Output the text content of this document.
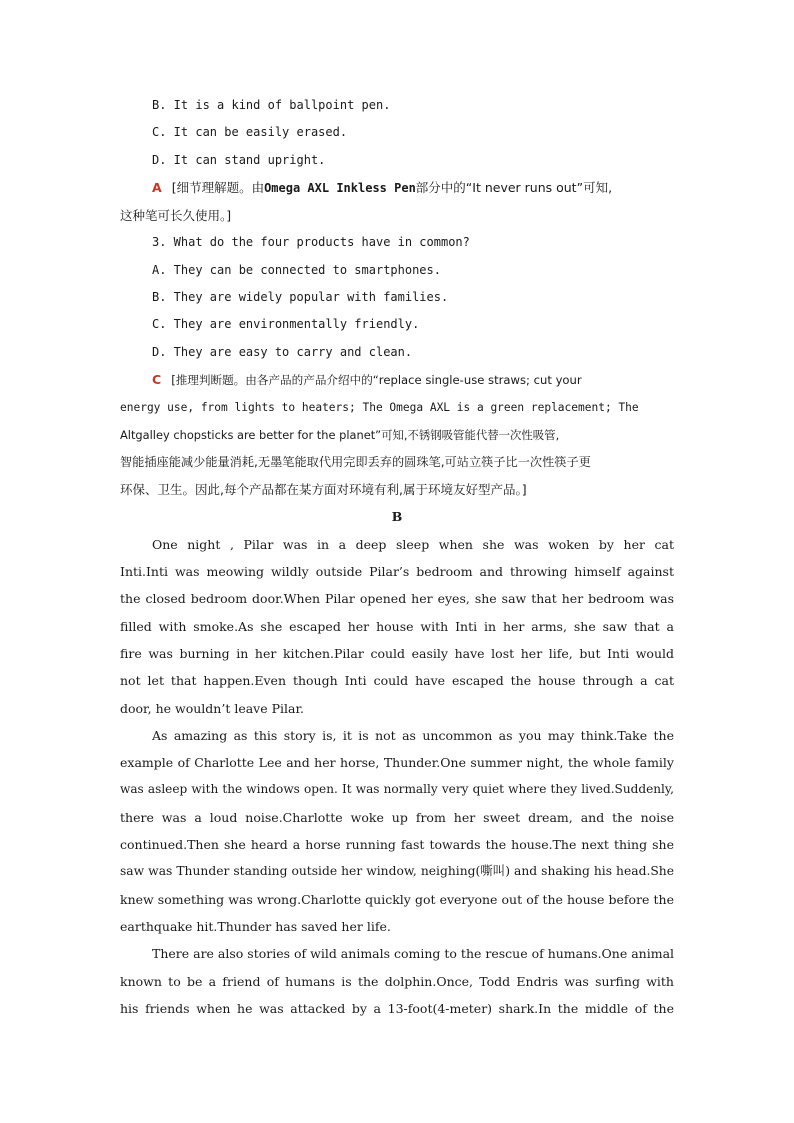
B. It is a kind of ballpoint pen.
C. It can be easily erased.
D. It can stand upright.
A [细节理解题。由Omega AXL Inkless Pen部分中的“It never runs out”可知,
这种笔可长久使用。]
3. What do the four products have in common?
A. They can be connected to smartphones.
B. They are widely popular with families.
C. They are environmentally friendly.
D. They are easy to carry and clean.
C [推理判断题。由各产品的产品介绍中的“replace single-use straws; cut your
energy use, from lights to heaters; The Omega AXL is a green replacement; The
Altgalley chopsticks are better for the planet”可知,不锈钢吸管能代替一次性吸管,
智能插座能减少能量消耗,无墨笔能取代用完即丢弃的圆珠笔,可站立筷子比一次性筷子更
环保、卫生。因此,每个产品都在某方面对环境有利,属于环境友好型产品。]
B
One night , Pilar was in a deep sleep when she was woken by her cat
Inti.Inti was meowing wildly outside Pilar’s bedroom and throwing himself against
the closed bedroom door.When Pilar opened her eyes, she saw that her bedroom was
filled with smoke.As she escaped her house with Inti in her arms, she saw that a
fire was burning in her kitchen.Pilar could easily have lost her life, but Inti would
not let that happen.Even though Inti could have escaped the house through a cat
door, he wouldn’t leave Pilar.
As amazing as this story is, it is not as uncommon as you may think.Take the
example of Charlotte Lee and her horse, Thunder.One summer night, the whole family
was asleep with the windows open. It was normally very quiet where they lived.Suddenly,
there was a loud noise.Charlotte woke up from her sweet dream, and the noise
continued.Then she heard a horse running fast towards the house.The next thing she
saw was Thunder standing outside her window, neighing(嘶叫) and shaking his head.She
knew something was wrong.Charlotte quickly got everyone out of the house before the
earthquake hit.Thunder has saved her life.
There are also stories of wild animals coming to the rescue of humans.One animal
known to be a friend of humans is the dolphin.Once, Todd Endris was surfing with
his friends when he was attacked by a 13-foot(4-meter) shark.In the middle of the
